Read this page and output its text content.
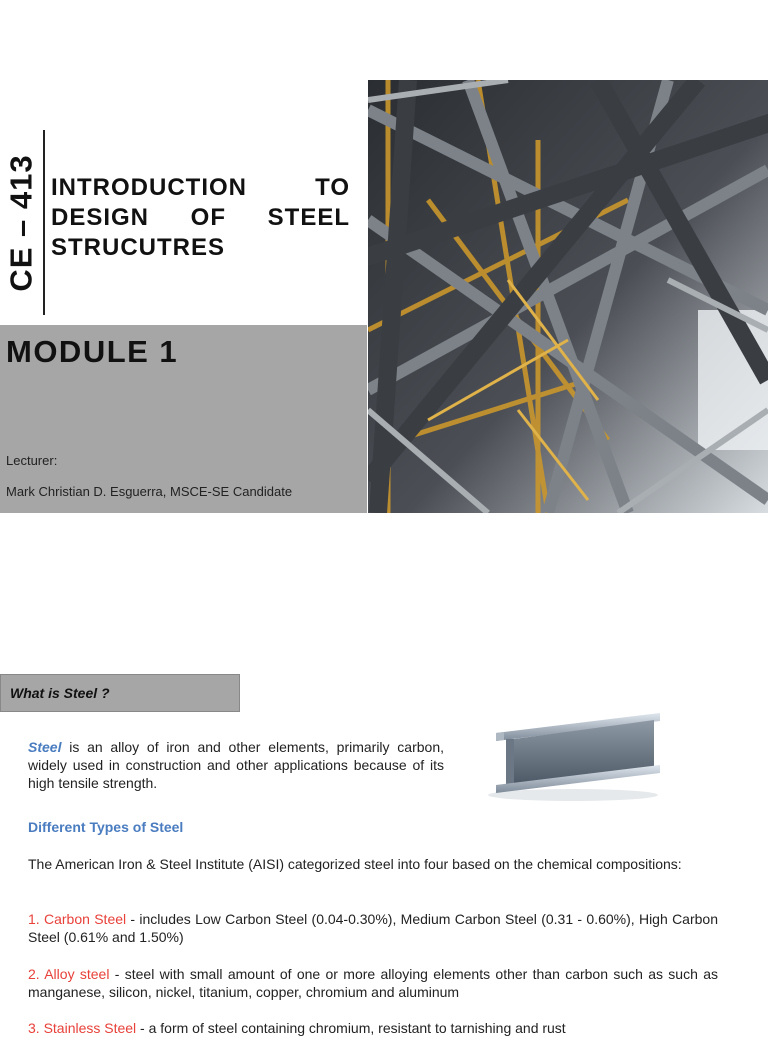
CE – 413 INTRODUCTION TO DESIGN OF STEEL STRUCUTRES
MODULE 1
Lecturer:
Mark Christian D. Esguerra, MSCE-SE Candidate
What is Steel ?
Steel is an alloy of iron and other elements, primarily carbon, widely used in construction and other applications because of its high tensile strength.
Different Types of Steel
The American Iron & Steel Institute (AISI) categorized steel into four based on the chemical compositions:
1. Carbon Steel - includes Low Carbon Steel (0.04-0.30%), Medium Carbon Steel (0.31 - 0.60%), High Carbon Steel (0.61% and 1.50%)
2. Alloy steel - steel with small amount of one or more alloying elements other than carbon such as such as manganese, silicon, nickel, titanium, copper, chromium and aluminum
3. Stainless Steel - a form of steel containing chromium, resistant to tarnishing and rust
